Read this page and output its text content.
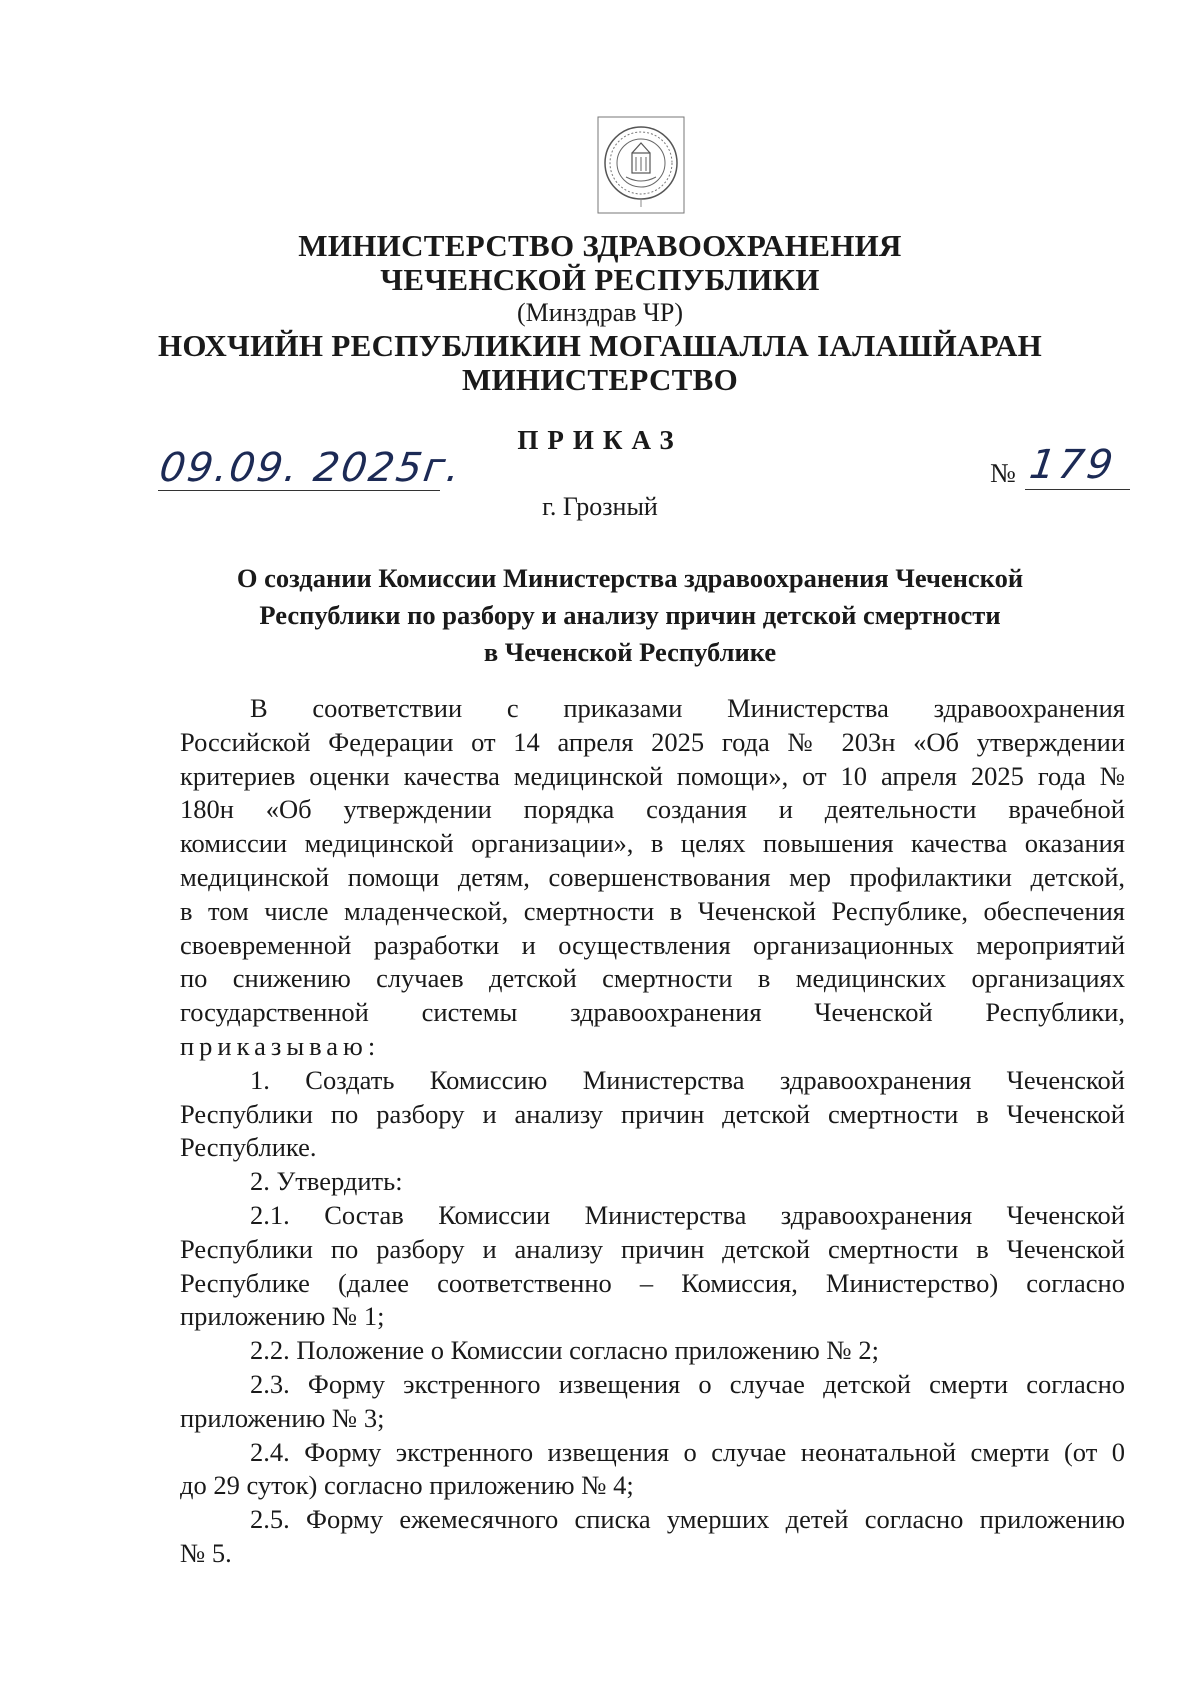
МИНИСТЕРСТВО ЗДРАВООХРАНЕНИЯ
ЧЕЧЕНСКОЙ РЕСПУБЛИКИ
(Минздрав ЧР)
НОХЧИЙН РЕСПУБЛИКИН МОГАШАЛЛА IАЛАШЙАРАН
МИНИСТЕРСТВО
ПРИКАЗ
09.09. 2025г.	№ 179
г. Грозный
О создании Комиссии Министерства здравоохранения Чеченской
Республики по разбору и анализу причин детской смертности
в Чеченской Республике
В соответствии с приказами Министерства здравоохранения
Российской Федерации от 14 апреля 2025 года № 203н «Об утверждении
критериев оценки качества медицинской помощи», от 10 апреля 2025 года №
180н «Об утверждении порядка создания и деятельности врачебной
комиссии медицинской организации», в целях повышения качества оказания
медицинской помощи детям, совершенствования мер профилактики детской,
в том числе младенческой, смертности в Чеченской Республике, обеспечения
своевременной разработки и осуществления организационных мероприятий
по снижению случаев детской смертности в медицинских организациях
государственной системы здравоохранения Чеченской Республики,
приказываю:
1. Создать Комиссию Министерства здравоохранения Чеченской
Республики по разбору и анализу причин детской смертности в Чеченской
Республике.
2. Утвердить:
2.1. Состав Комиссии Министерства здравоохранения Чеченской
Республики по разбору и анализу причин детской смертности в Чеченской
Республике (далее соответственно – Комиссия, Министерство) согласно
приложению № 1;
2.2. Положение о Комиссии согласно приложению № 2;
2.3. Форму экстренного извещения о случае детской смерти согласно
приложению № 3;
2.4. Форму экстренного извещения о случае неонатальной смерти (от 0
до 29 суток) согласно приложению № 4;
2.5. Форму ежемесячного списка умерших детей согласно приложению
№ 5.
